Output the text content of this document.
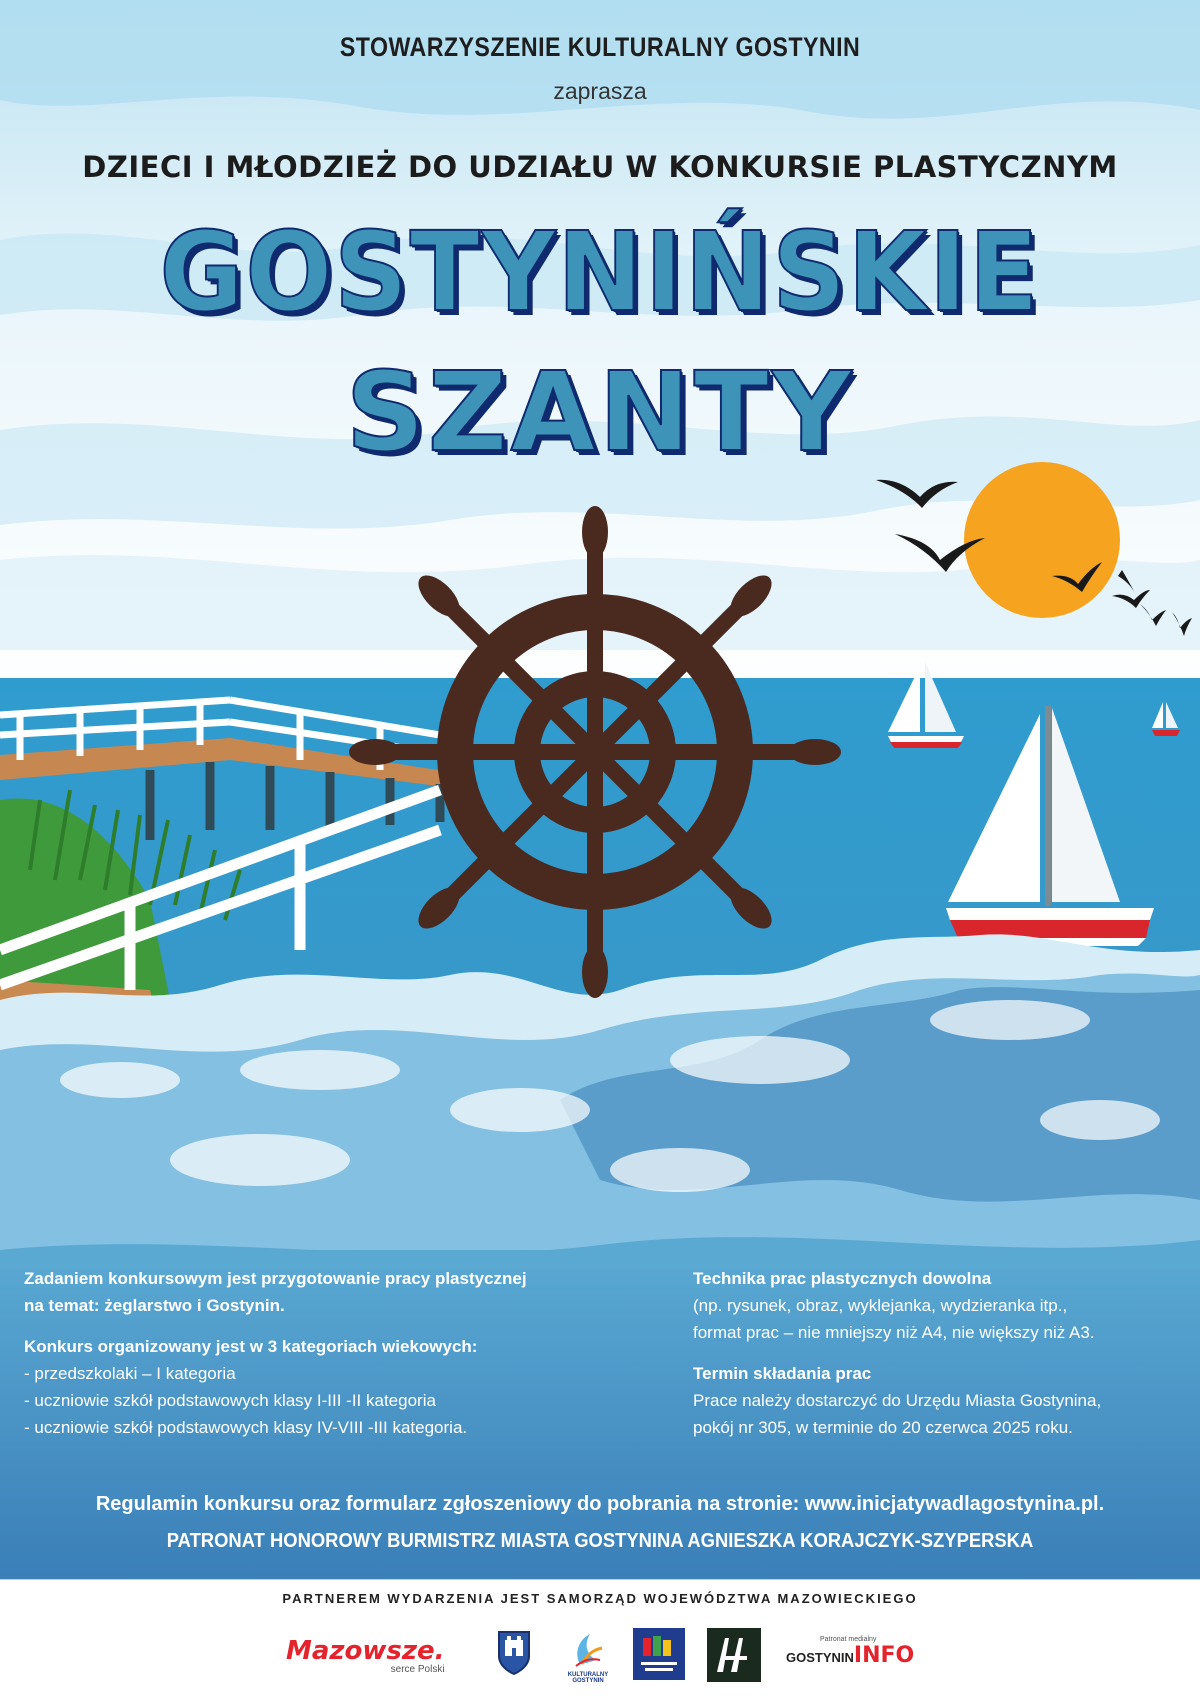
STOWARZYSZENIE KULTURALNY GOSTYNIN
zaprasza
DZIECI I MŁODZIEŻ DO UDZIAŁU W KONKURSIE PLASTYCZNYM
GOSTYNIŃSKIE
SZANTY

Zadaniem konkursowym jest przygotowanie pracy plastycznej
na temat: żeglarstwo i Gostynin.

Konkurs organizowany jest w 3 kategoriach wiekowych:
- przedszkolaki – I kategoria
- uczniowie szkół podstawowych klasy I-III -II kategoria
- uczniowie szkół podstawowych klasy IV-VIII -III kategoria.

Technika prac plastycznych dowolna
(np. rysunek, obraz, wyklejanka, wydzieranka itp.,
format prac – nie mniejszy niż A4, nie większy niż A3.

Termin składania prac
Prace należy dostarczyć do Urzędu Miasta Gostynina,
pokój nr 305, w terminie do 20 czerwca 2025 roku.

Regulamin konkursu oraz formularz zgłoszeniowy do pobrania na stronie: www.inicjatywadlagostynina.pl.
PATRONAT HONOROWY BURMISTRZ MIASTA GOSTYNINA AGNIESZKA KORAJCZYK-SZYPERSKA
PARTNEREM WYDARZENIA JEST SAMORZĄD WOJEWÓDZTWA MAZOWIECKIEGO
Mazowsze.
serce Polski	KULTURALNY GOSTYNIN
Patronat medialny
GOSTYNININFO
